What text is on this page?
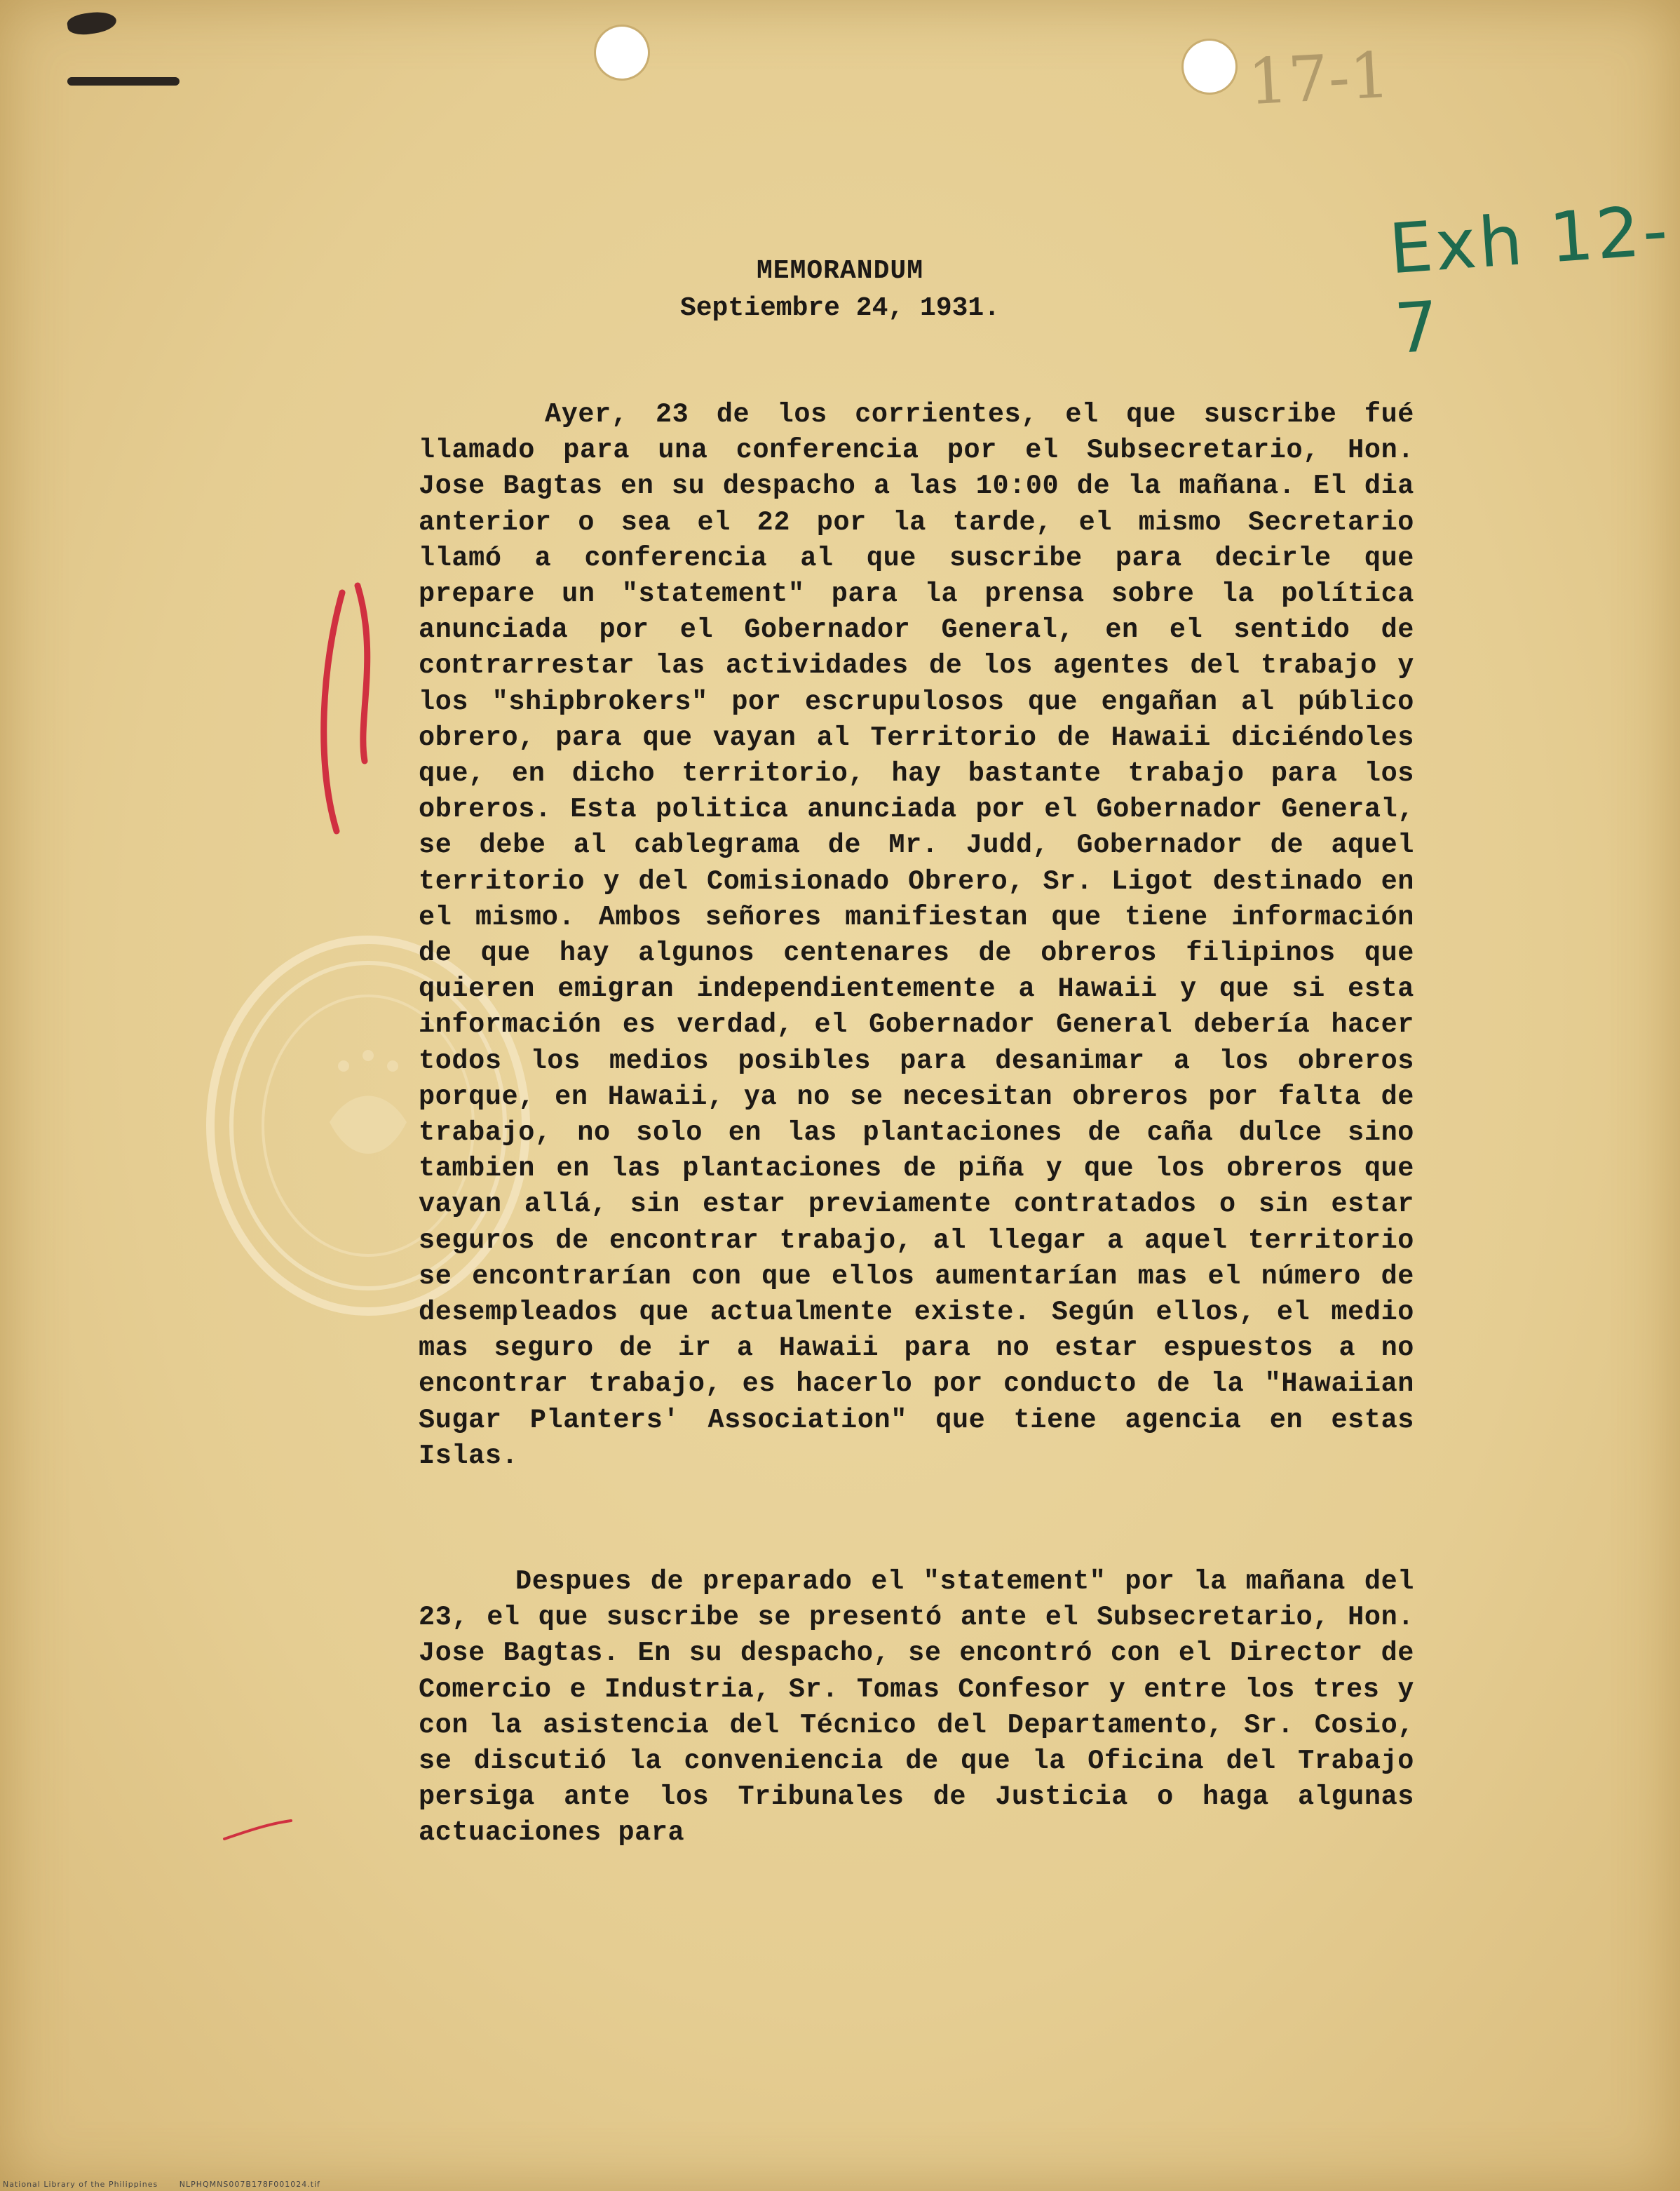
17-1
Exh 12-7
MEMORANDUM
Septiembre 24, 1931.
Ayer, 23 de los corrientes, el que suscribe fué llamado para una conferencia por el Subsecretario, Hon. Jose Bagtas en su despacho a las 10:00 de la mañana. El dia anterior o sea el 22 por la tarde, el mismo Secretario llamó a conferencia al que suscribe para decirle que prepare un "statement" para la prensa sobre la política anunciada por el Gobernador General, en el sentido de contrarrestar las actividades de los agentes del trabajo y los "shipbrokers" por escrupulosos que engañan al público obrero, para que vayan al Territorio de Hawaii diciéndoles que, en dicho territorio, hay bastante trabajo para los obreros. Esta politica anunciada por el Gobernador General, se debe al cablegrama de Mr. Judd, Gobernador de aquel territorio y del Comisionado Obrero, Sr. Ligot destinado en el mismo. Ambos señores manifiestan que tiene información de que hay algunos centenares de obreros filipinos que quieren emigran independientemente a Hawaii y que si esta información es verdad, el Gobernador General debería hacer todos los medios posibles para desanimar a los obreros porque, en Hawaii, ya no se necesitan obreros por falta de trabajo, no solo en las plantaciones de caña dulce sino tambien en las plantaciones de piña y que los obreros que vayan allá, sin estar previamente contratados o sin estar seguros de encontrar trabajo, al llegar a aquel territorio se encontrarían con que ellos aumentarían mas el número de desempleados que actualmente existe. Según ellos, el medio mas seguro de ir a Hawaii para no estar espuestos a no encontrar trabajo, es hacerlo por conducto de la "Hawaiian Sugar Planters' Association" que tiene agencia en estas Islas.
Despues de preparado el "statement" por la mañana del 23, el que suscribe se presentó ante el Subsecretario, Hon. Jose Bagtas. En su despacho, se encontró con el Director de Comercio e Industria, Sr. Tomas Confesor y entre los tres y con la asistencia del Técnico del Departamento, Sr. Cosio, se discutió la conveniencia de que la Oficina del Trabajo persiga ante los Tribunales de Justicia o haga algunas actuaciones para
National Library of the Philippines	NLPHQMNS007B178F001024.tif
